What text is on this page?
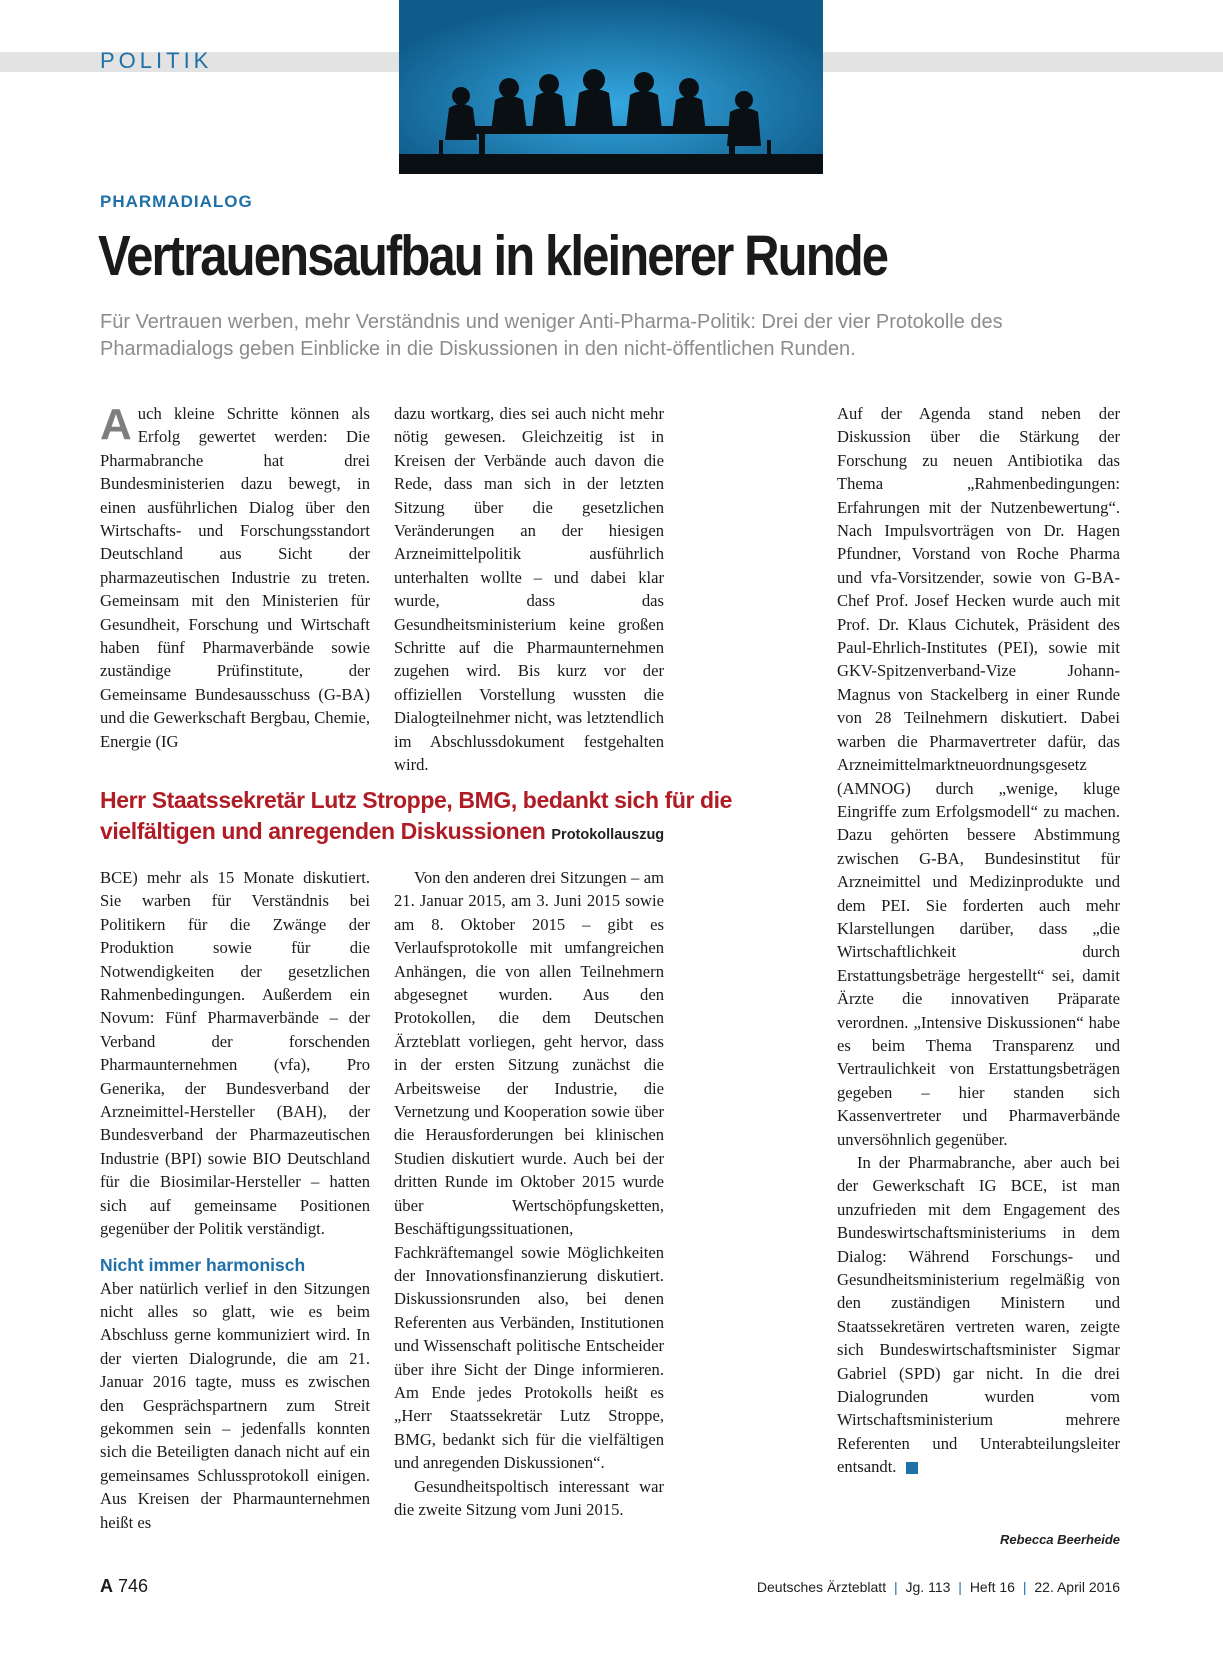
POLITIK
PHARMADIALOG
Vertrauensaufbau in kleinerer Runde
Für Vertrauen werben, mehr Verständnis und weniger Anti-Pharma-Politik: Drei der vier Protokolle des Pharmadialogs geben Einblicke in die Diskussionen in den nicht-öffentlichen Runden.

Auch kleine Schritte können als Erfolg gewertet werden: Die Pharmabranche hat drei Bundesministerien dazu bewegt, in einen ausführlichen Dialog über den Wirtschafts- und Forschungsstandort Deutschland aus Sicht der pharmazeutischen Industrie zu treten. Gemeinsam mit den Ministerien für Gesundheit, Forschung und Wirtschaft haben fünf Pharmaverbände sowie zuständige Prüfinstitute, der Gemeinsame Bundesausschuss (G-BA) und die Gewerkschaft Bergbau, Chemie, Energie (IG

dazu wortkarg, dies sei auch nicht mehr nötig gewesen. Gleichzeitig ist in Kreisen der Verbände auch davon die Rede, dass man sich in der letzten Sitzung über die gesetzlichen Veränderungen an der hiesigen Arzneimittelpolitik ausführlich unterhalten wollte – und dabei klar wurde, dass das Gesundheitsministerium keine großen Schritte auf die Pharmaunternehmen zugehen wird. Bis kurz vor der offiziellen Vorstellung wussten die Dialogteilnehmer nicht, was letztendlich im Abschlussdokument festgehalten wird.

Herr Staatssekretär Lutz Stroppe, BMG, bedankt sich für die vielfältigen und anregenden Diskussionen Protokollauszug

BCE) mehr als 15 Monate diskutiert. Sie warben für Verständnis bei Politikern für die Zwänge der Produktion sowie für die Notwendigkeiten der gesetzlichen Rahmenbedingungen. Außerdem ein Novum: Fünf Pharmaverbände – der Verband der forschenden Pharmaunternehmen (vfa), Pro Generika, der Bundesverband der Arzneimittel-Hersteller (BAH), der Bundesverband der Pharmazeutischen Industrie (BPI) sowie BIO Deutschland für die Biosimilar-Hersteller – hatten sich auf gemeinsame Positionen gegenüber der Politik verständigt.

Nicht immer harmonisch

Aber natürlich verlief in den Sitzungen nicht alles so glatt, wie es beim Abschluss gerne kommuniziert wird. In der vierten Dialogrunde, die am 21. Januar 2016 tagte, muss es zwischen den Gesprächspartnern zum Streit gekommen sein – jedenfalls konnten sich die Beteiligten danach nicht auf ein gemeinsames Schlussprotokoll einigen. Aus Kreisen der Pharmaunternehmen heißt es

Von den anderen drei Sitzungen – am 21. Januar 2015, am 3. Juni 2015 sowie am 8. Oktober 2015 – gibt es Verlaufsprotokolle mit umfangreichen Anhängen, die von allen Teilnehmern abgesegnet wurden. Aus den Protokollen, die dem Deutschen Ärzteblatt vorliegen, geht hervor, dass in der ersten Sitzung zunächst die Arbeitsweise der Industrie, die Vernetzung und Kooperation sowie über die Herausforderungen bei klinischen Studien diskutiert wurde. Auch bei der dritten Runde im Oktober 2015 wurde über Wertschöpfungsketten, Beschäftigungssituationen, Fachkräftemangel sowie Möglichkeiten der Innovationsfinanzierung diskutiert. Diskussionsrunden also, bei denen Referenten aus Verbänden, Institutionen und Wissenschaft politische Entscheider über ihre Sicht der Dinge informieren. Am Ende jedes Protokolls heißt es „Herr Staatssekretär Lutz Stroppe, BMG, bedankt sich für die vielfältigen und anregenden Diskussionen“.

Gesundheitspoltisch interessant war die zweite Sitzung vom Juni 2015.

Auf der Agenda stand neben der Diskussion über die Stärkung der Forschung zu neuen Antibiotika das Thema „Rahmenbedingungen: Erfahrungen mit der Nutzenbewertung“. Nach Impulsvorträgen von Dr. Hagen Pfundner, Vorstand von Roche Pharma und vfa-Vorsitzender, sowie von G-BA-Chef Prof. Josef Hecken wurde auch mit Prof. Dr. Klaus Cichutek, Präsident des Paul-Ehrlich-Institutes (PEI), sowie mit GKV-Spitzenverband-Vize Johann-Magnus von Stackelberg in einer Runde von 28 Teilnehmern diskutiert. Dabei warben die Pharmavertreter dafür, das Arzneimittelmarktneuordnungsgesetz (AMNOG) durch „wenige, kluge Eingriffe zum Erfolgsmodell“ zu machen. Dazu gehörten bessere Abstimmung zwischen G-BA, Bundesinstitut für Arzneimittel und Medizinprodukte und dem PEI. Sie forderten auch mehr Klarstellungen darüber, dass „die Wirtschaftlichkeit durch Erstattungsbeträge hergestellt“ sei, damit Ärzte die innovativen Präparate verordnen. „Intensive Diskussionen“ habe es beim Thema Transparenz und Vertraulichkeit von Erstattungsbeträgen gegeben – hier standen sich Kassenvertreter und Pharmaverbände unversöhnlich gegenüber.

In der Pharmabranche, aber auch bei der Gewerkschaft IG BCE, ist man unzufrieden mit dem Engagement des Bundeswirtschaftsministeriums in dem Dialog: Während Forschungs- und Gesundheitsministerium regelmäßig von den zuständigen Ministern und Staatssekretären vertreten waren, zeigte sich Bundeswirtschaftsminister Sigmar Gabriel (SPD) gar nicht. In die drei Dialogrunden wurden vom Wirtschaftsministerium mehrere Referenten und Unterabteilungsleiter entsandt.

Rebecca Beerheide
A 746	Deutsches Ärzteblatt | Jg. 113 | Heft 16 | 22. April 2016
